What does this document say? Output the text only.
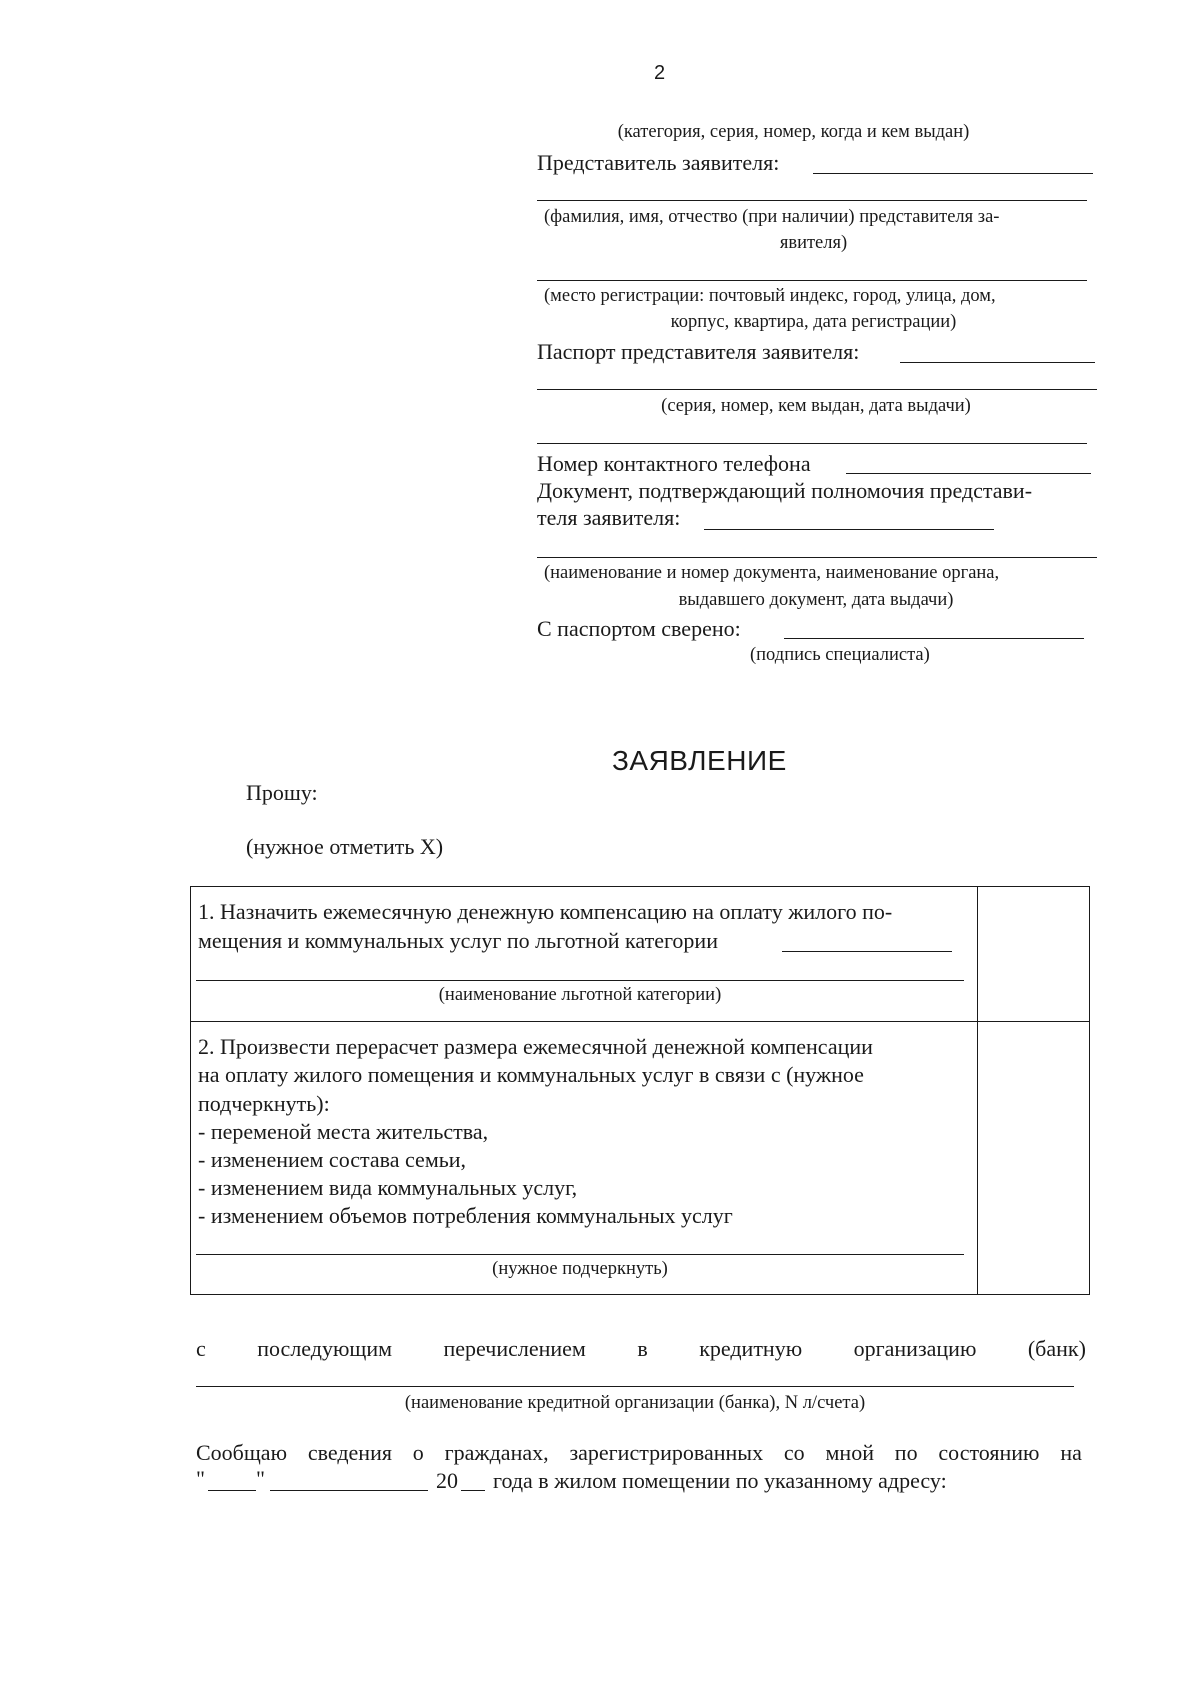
2
(категория, серия, номер, когда и кем выдан)
Представитель заявителя:
(фамилия, имя, отчество (при наличии) представителя за-
явителя)
(место регистрации: почтовый индекс, город, улица, дом,
корпус, квартира, дата регистрации)
Паспорт представителя заявителя:
(серия, номер, кем выдан, дата выдачи)
Номер контактного телефона
Документ, подтверждающий полномочия представи-
теля заявителя:
(наименование и номер документа, наименование органа,
выдавшего документ, дата выдачи)
С паспортом сверено:
(подпись специалиста)
ЗАЯВЛЕНИЕ
Прошу:
(нужное отметить X)
1. Назначить ежемесячную денежную компенсацию на оплату жилого по-
мещения и коммунальных услуг по льготной категории
(наименование льготной категории)
2. Произвести перерасчет размера ежемесячной денежной компенсации
на оплату жилого помещения и коммунальных услуг в связи с (нужное
подчеркнуть):
- переменой места жительства,
- изменением состава семьи,
- изменением вида коммунальных услуг,
- изменением объемов потребления коммунальных услуг
(нужное подчеркнуть)
с последующим перечислением в кредитную организацию (банк)
(наименование кредитной организации (банка), N л/счета)
Сообщаю сведения о гражданах, зарегистрированных со мной по состоянию на
" "	20 года в жилом помещении по указанному адресу:
